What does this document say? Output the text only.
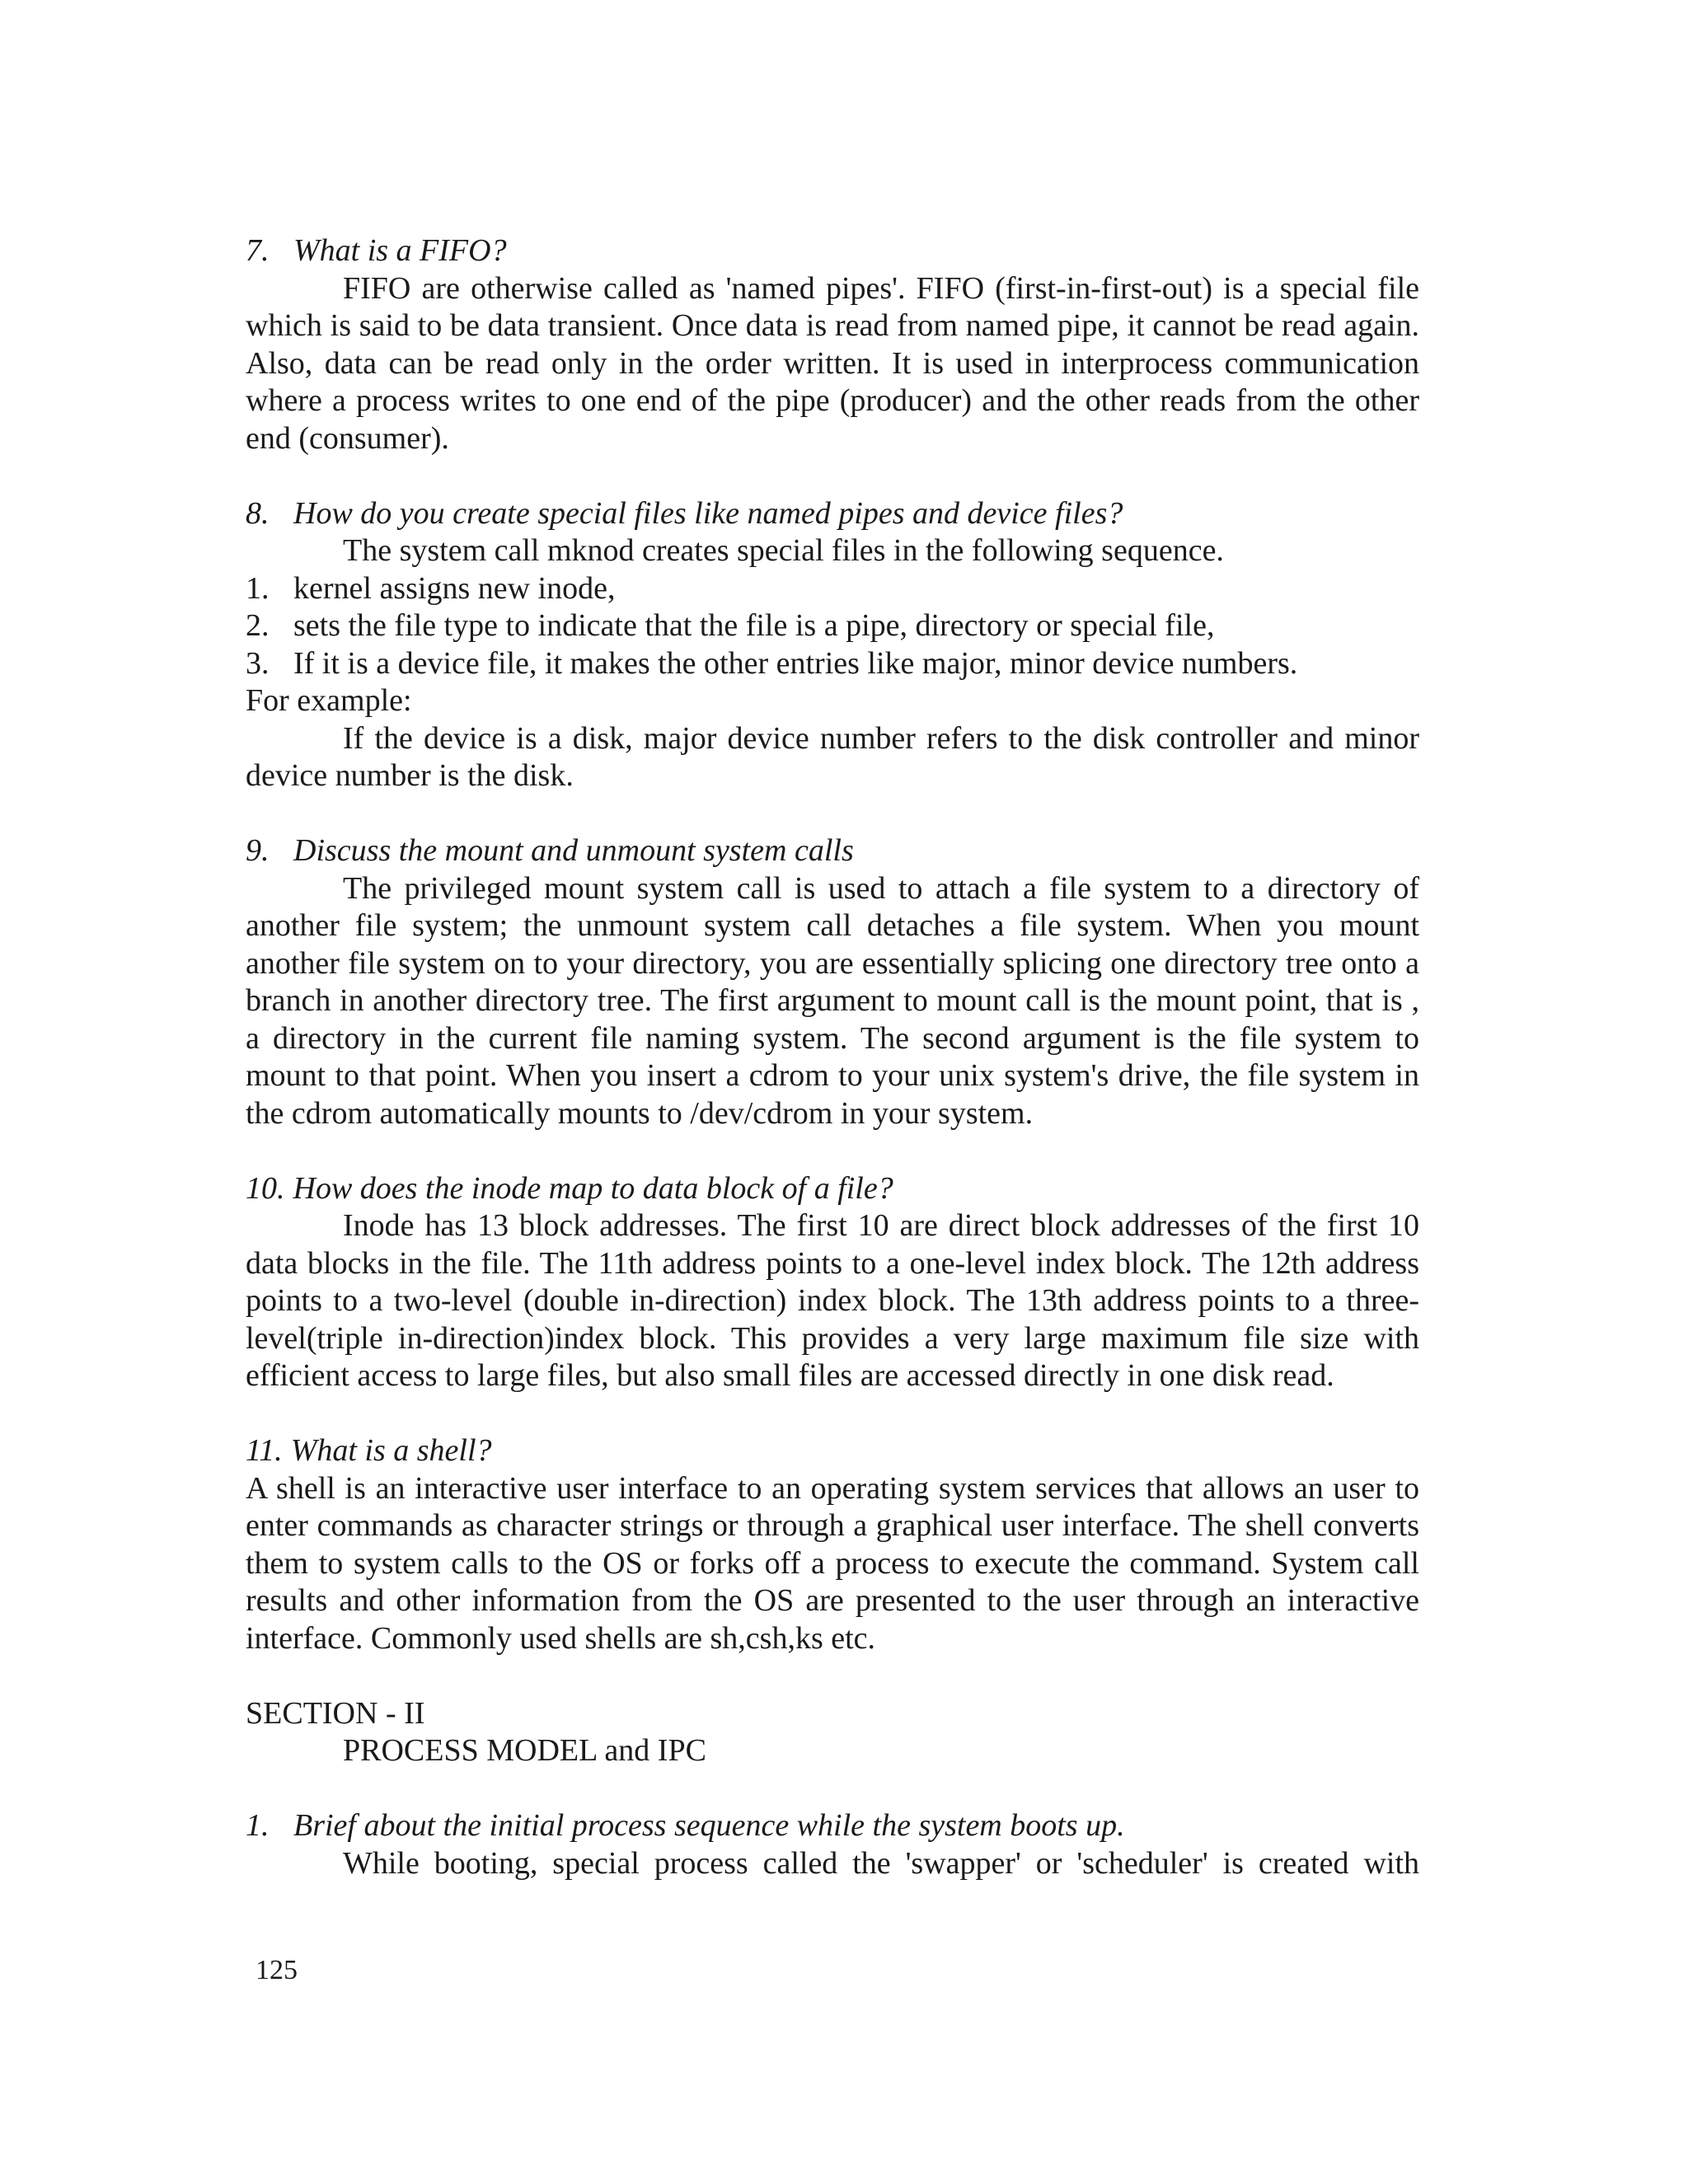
7. What is a FIFO?

FIFO are otherwise called as 'named pipes'. FIFO (first-in-first-out) is a special file which is said to be data transient. Once data is read from named pipe, it cannot be read again. Also, data can be read only in the order written. It is used in interprocess communication where a process writes to one end of the pipe (producer) and the other reads from the other end (consumer).

8. How do you create special files like named pipes and device files?

The system call mknod creates special files in the following sequence.

1. kernel assigns new inode,
2. sets the file type to indicate that the file is a pipe, directory or special file,
3. If it is a device file, it makes the other entries like major, minor device numbers.

For example:

If the device is a disk, major device number refers to the disk controller and minor device number is the disk.

9. Discuss the mount and unmount system calls

The privileged mount system call is used to attach a file system to a directory of another file system; the unmount system call detaches a file system. When you mount another file system on to your directory, you are essentially splicing one directory tree onto a branch in another directory tree. The first argument to mount call is the mount point, that is , a directory in the current file naming system. The second argument is the file system to mount to that point. When you insert a cdrom to your unix system's drive, the file system in the cdrom automatically mounts to /dev/cdrom in your system.

10. How does the inode map to data block of a file?

Inode has 13 block addresses. The first 10 are direct block addresses of the first 10 data blocks in the file. The 11th address points to a one-level index block. The 12th address points to a two-level (double in-direction) index block. The 13th address points to a three-level(triple in-direction)index block. This provides a very large maximum file size with efficient access to large files, but also small files are accessed directly in one disk read.

11. What is a shell?

A shell is an interactive user interface to an operating system services that allows an user to enter commands as character strings or through a graphical user interface. The shell converts them to system calls to the OS or forks off a process to execute the command. System call results and other information from the OS are presented to the user through an interactive interface. Commonly used shells are sh,csh,ks etc.

SECTION - II

PROCESS MODEL and IPC

1. Brief about the initial process sequence while the system boots up.

While booting, special process called the 'swapper' or 'scheduler' is created with

125
